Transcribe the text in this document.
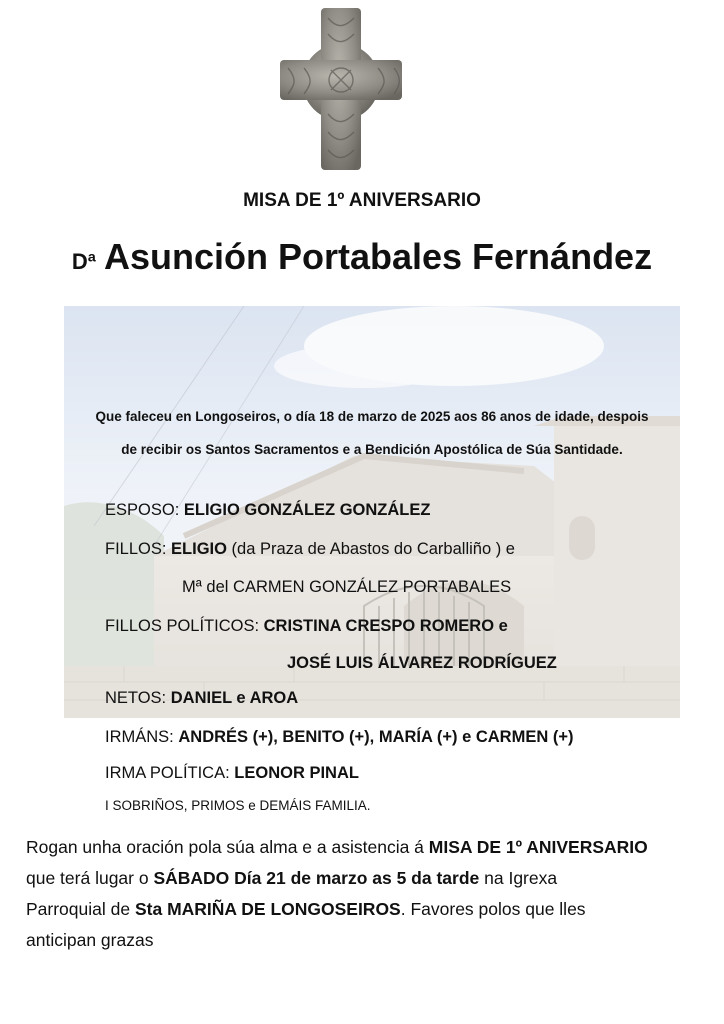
MISA DE 1º ANIVERSARIO
Dª Asunción Portabales Fernández
Que faleceu en Longoseiros, o día 18 de marzo de 2025 aos 86 anos de idade, despois
de recibir os Santos Sacramentos e a Bendición Apostólica de Súa Santidade.
ESPOSO: ELIGIO GONZÁLEZ GONZÁLEZ
FILLOS: ELIGIO (da Praza de Abastos do Carballiño ) e
Mª del CARMEN GONZÁLEZ PORTABALES
FILLOS POLÍTICOS: CRISTINA CRESPO ROMERO e
JOSÉ LUIS ÁLVAREZ RODRÍGUEZ
NETOS: DANIEL e AROA
IRMÁNS: ANDRÉS (+), BENITO (+), MARÍA (+) e CARMEN (+)
IRMA POLÍTICA: LEONOR PINAL
I SOBRIÑOS, PRIMOS e DEMÁIS FAMILIA.
Rogan unha oración pola súa alma e a asistencia á MISA DE 1º ANIVERSARIO
que terá lugar o SÁBADO Día 21 de marzo as 5 da tarde na Igrexa
Parroquial de Sta MARIÑA DE LONGOSEIROS. Favores polos que lles
anticipan grazas
